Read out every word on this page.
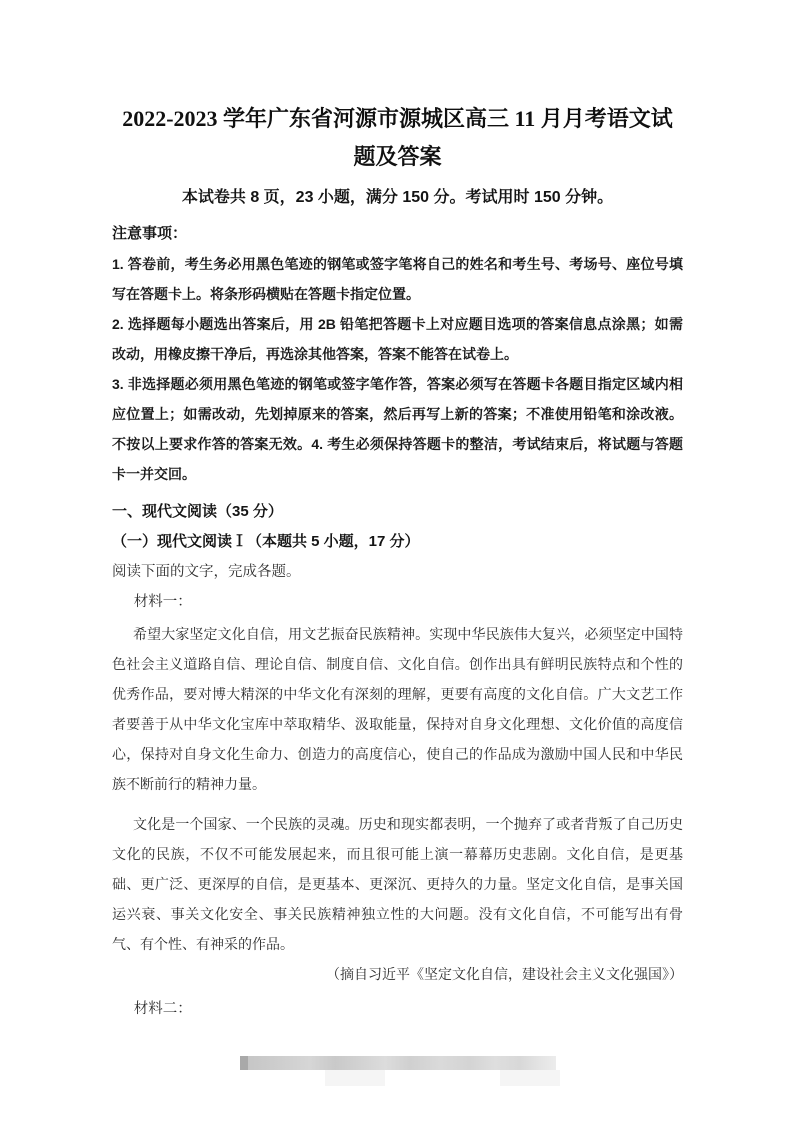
2022-2023 学年广东省河源市源城区高三 11 月月考语文试
题及答案
本试卷共 8 页，23 小题，满分 150 分。考试用时 150 分钟。
注意事项：

1. 答卷前，考生务必用黑色笔迹的钢笔或签字笔将自己的姓名和考生号、考场号、座位号填写在答题卡上。将条形码横贴在答题卡指定位置。

2. 选择题每小题选出答案后，用 2B 铅笔把答题卡上对应题目选项的答案信息点涂黑；如需改动，用橡皮擦干净后，再选涂其他答案，答案不能答在试卷上。

3. 非选择题必须用黑色笔迹的钢笔或签字笔作答，答案必须写在答题卡各题目指定区域内相应位置上；如需改动，先划掉原来的答案，然后再写上新的答案；不准使用铅笔和涂改液。不按以上要求作答的答案无效。4. 考生必须保持答题卡的整洁，考试结束后，将试题与答题卡一并交回。

一、现代文阅读（35 分）
（一）现代文阅读Ⅰ（本题共 5 小题，17 分）
阅读下面的文字，完成各题。
材料一：

希望大家坚定文化自信，用文艺振奋民族精神。实现中华民族伟大复兴，必须坚定中国特色社会主义道路自信、理论自信、制度自信、文化自信。创作出具有鲜明民族特点和个性的优秀作品，要对博大精深的中华文化有深刻的理解，更要有高度的文化自信。广大文艺工作者要善于从中华文化宝库中萃取精华、汲取能量，保持对自身文化理想、文化价值的高度信心，保持对自身文化生命力、创造力的高度信心，使自己的作品成为激励中国人民和中华民族不断前行的精神力量。

文化是一个国家、一个民族的灵魂。历史和现实都表明，一个抛弃了或者背叛了自己历史文化的民族，不仅不可能发展起来，而且很可能上演一幕幕历史悲剧。文化自信，是更基础、更广泛、更深厚的自信，是更基本、更深沉、更持久的力量。坚定文化自信，是事关国运兴衰、事关文化安全、事关民族精神独立性的大问题。没有文化自信，不可能写出有骨气、有个性、有神采的作品。

（摘自习近平《坚定文化自信，建设社会主义文化强国》）
材料二：
